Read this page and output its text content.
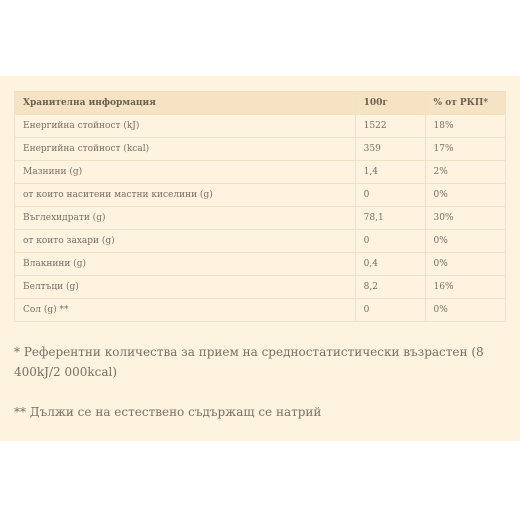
Хранителна информация	100г	% от РКП*
Енергийна стойност (kJ)	1522	18%
Енергийна стойност (kcal)	359	17%
Мазнини (g)	1,4	2%
от които наситени мастни киселини (g)	0	0%
Въглехидрати (g)	78,1	30%
от които захари (g)	0	0%
Влакнини (g)	0,4	0%
Белтъци (g)	8,2	16%
Сол (g) **	0	0%
* Референтни количества за прием на средностатистически възрастен (8 400kJ/2 000kcal)
** Дължи се на естествено съдържащ се натрий
